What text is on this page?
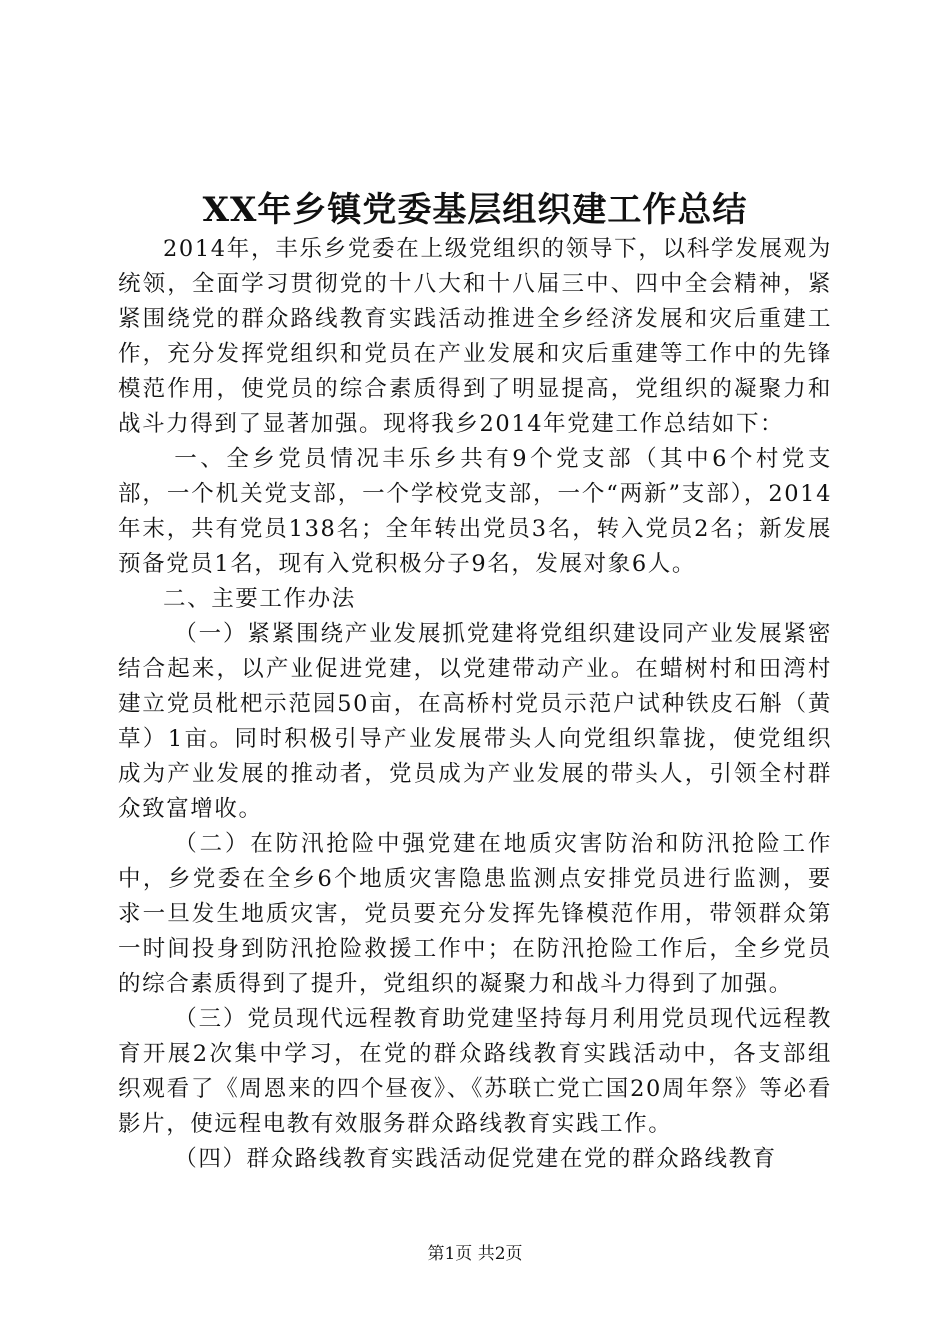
XX年乡镇党委基层组织建工作总结

2014年，丰乐乡党委在上级党组织的领导下，以科学发展观为统领，全面学习贯彻党的十八大和十八届三中、四中全会精神，紧紧围绕党的群众路线教育实践活动推进全乡经济发展和灾后重建工作，充分发挥党组织和党员在产业发展和灾后重建等工作中的先锋模范作用，使党员的综合素质得到了明显提高，党组织的凝聚力和战斗力得到了显著加强。现将我乡2014年党建工作总结如下：

一、全乡党员情况丰乐乡共有9个党支部（其中6个村党支部，一个机关党支部，一个学校党支部，一个“两新”支部），2014年末，共有党员138名；全年转出党员3名，转入党员2名；新发展预备党员1名，现有入党积极分子9名，发展对象6人。

二、主要工作办法

（一）紧紧围绕产业发展抓党建将党组织建设同产业发展紧密结合起来，以产业促进党建，以党建带动产业。在蜡树村和田湾村建立党员枇杷示范园50亩，在高桥村党员示范户试种铁皮石斛（黄草）1亩。同时积极引导产业发展带头人向党组织靠拢，使党组织成为产业发展的推动者，党员成为产业发展的带头人，引领全村群众致富增收。

（二）在防汛抢险中强党建在地质灾害防治和防汛抢险工作中，乡党委在全乡6个地质灾害隐患监测点安排党员进行监测，要求一旦发生地质灾害，党员要充分发挥先锋模范作用，带领群众第一时间投身到防汛抢险救援工作中；在防汛抢险工作后，全乡党员的综合素质得到了提升，党组织的凝聚力和战斗力得到了加强。

（三）党员现代远程教育助党建坚持每月利用党员现代远程教育开展2次集中学习，在党的群众路线教育实践活动中，各支部组织观看了《周恩来的四个昼夜》、《苏联亡党亡国20周年祭》等必看影片，使远程电教有效服务群众路线教育实践工作。

（四）群众路线教育实践活动促党建在党的群众路线教育

第1页 共2页
